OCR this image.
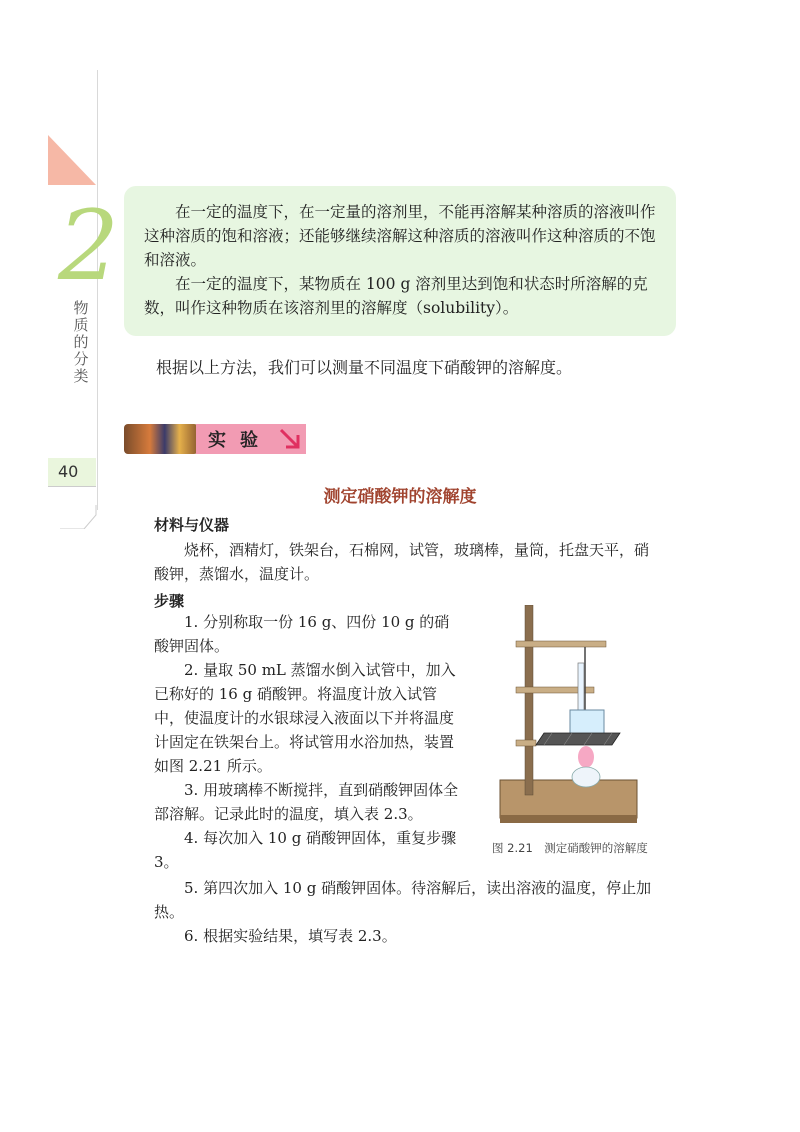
2
物质的分类
40

在一定的温度下，在一定量的溶剂里，不能再溶解某种溶质的溶液叫作这种溶质的饱和溶液；还能够继续溶解这种溶质的溶液叫作这种溶质的不饱和溶液。

在一定的温度下，某物质在 100 g 溶剂里达到饱和状态时所溶解的克数，叫作这种物质在该溶剂里的溶解度（solubility）。

根据以上方法，我们可以测量不同温度下硝酸钾的溶解度。
实验
测定硝酸钾的溶解度
材料与仪器

烧杯，酒精灯，铁架台，石棉网，试管，玻璃棒，量筒，托盘天平，硝酸钾，蒸馏水，温度计。

步骤

1. 分别称取一份 16 g、四份 10 g 的硝酸钾固体。

2. 量取 50 mL 蒸馏水倒入试管中，加入已称好的 16 g 硝酸钾。将温度计放入试管中，使温度计的水银球浸入液面以下并将温度计固定在铁架台上。将试管用水浴加热，装置如图 2.21 所示。

3. 用玻璃棒不断搅拌，直到硝酸钾固体全部溶解。记录此时的温度，填入表 2.3。

4. 每次加入 10 g 硝酸钾固体，重复步骤 3。

5. 第四次加入 10 g 硝酸钾固体。待溶解后，读出溶液的温度，停止加热。

6. 根据实验结果，填写表 2.3。

图 2.21　测定硝酸钾的溶解度
